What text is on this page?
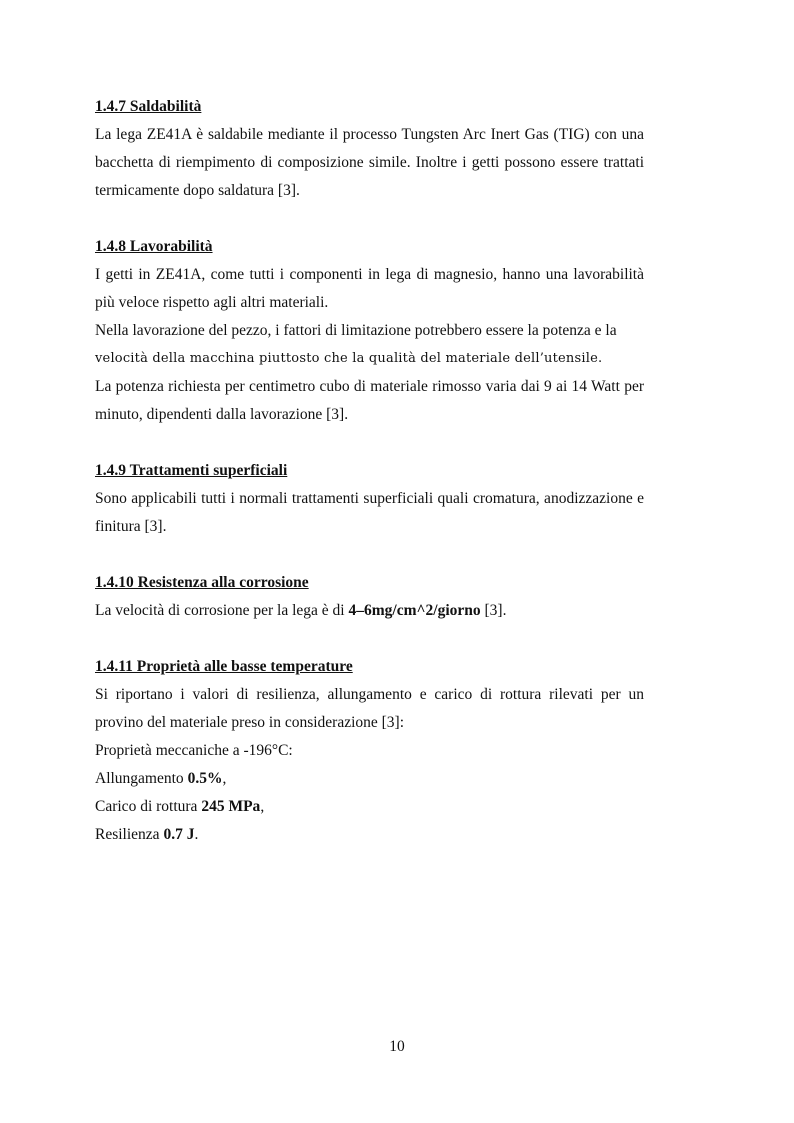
1.4.7 Saldabilità
La lega ZE41A è saldabile mediante il processo Tungsten Arc Inert Gas (TIG) con una bacchetta di riempimento di composizione simile. Inoltre i getti possono essere trattati termicamente dopo saldatura [3].
1.4.8 Lavorabilità
I getti in ZE41A, come tutti i componenti in lega di magnesio, hanno una lavorabilità più veloce rispetto agli altri materiali.
Nella lavorazione del pezzo, i fattori di limitazione potrebbero essere la potenza e la
velocità della macchina piuttosto che la qualità del materiale dell’utensile.
La potenza richiesta per centimetro cubo di materiale rimosso varia dai 9 ai 14 Watt per minuto, dipendenti dalla lavorazione [3].
1.4.9 Trattamenti superficiali
Sono applicabili tutti i normali trattamenti superficiali quali cromatura, anodizzazione e finitura [3].
1.4.10 Resistenza alla corrosione
La velocità di corrosione per la lega è di 4–6mg/cm^2/giorno [3].
1.4.11 Proprietà alle basse temperature
Si riportano i valori di resilienza, allungamento e carico di rottura rilevati per un provino del materiale preso in considerazione [3]:
Proprietà meccaniche a -196°C:
Allungamento 0.5%,
Carico di rottura 245 MPa,
Resilienza 0.7 J.
10
